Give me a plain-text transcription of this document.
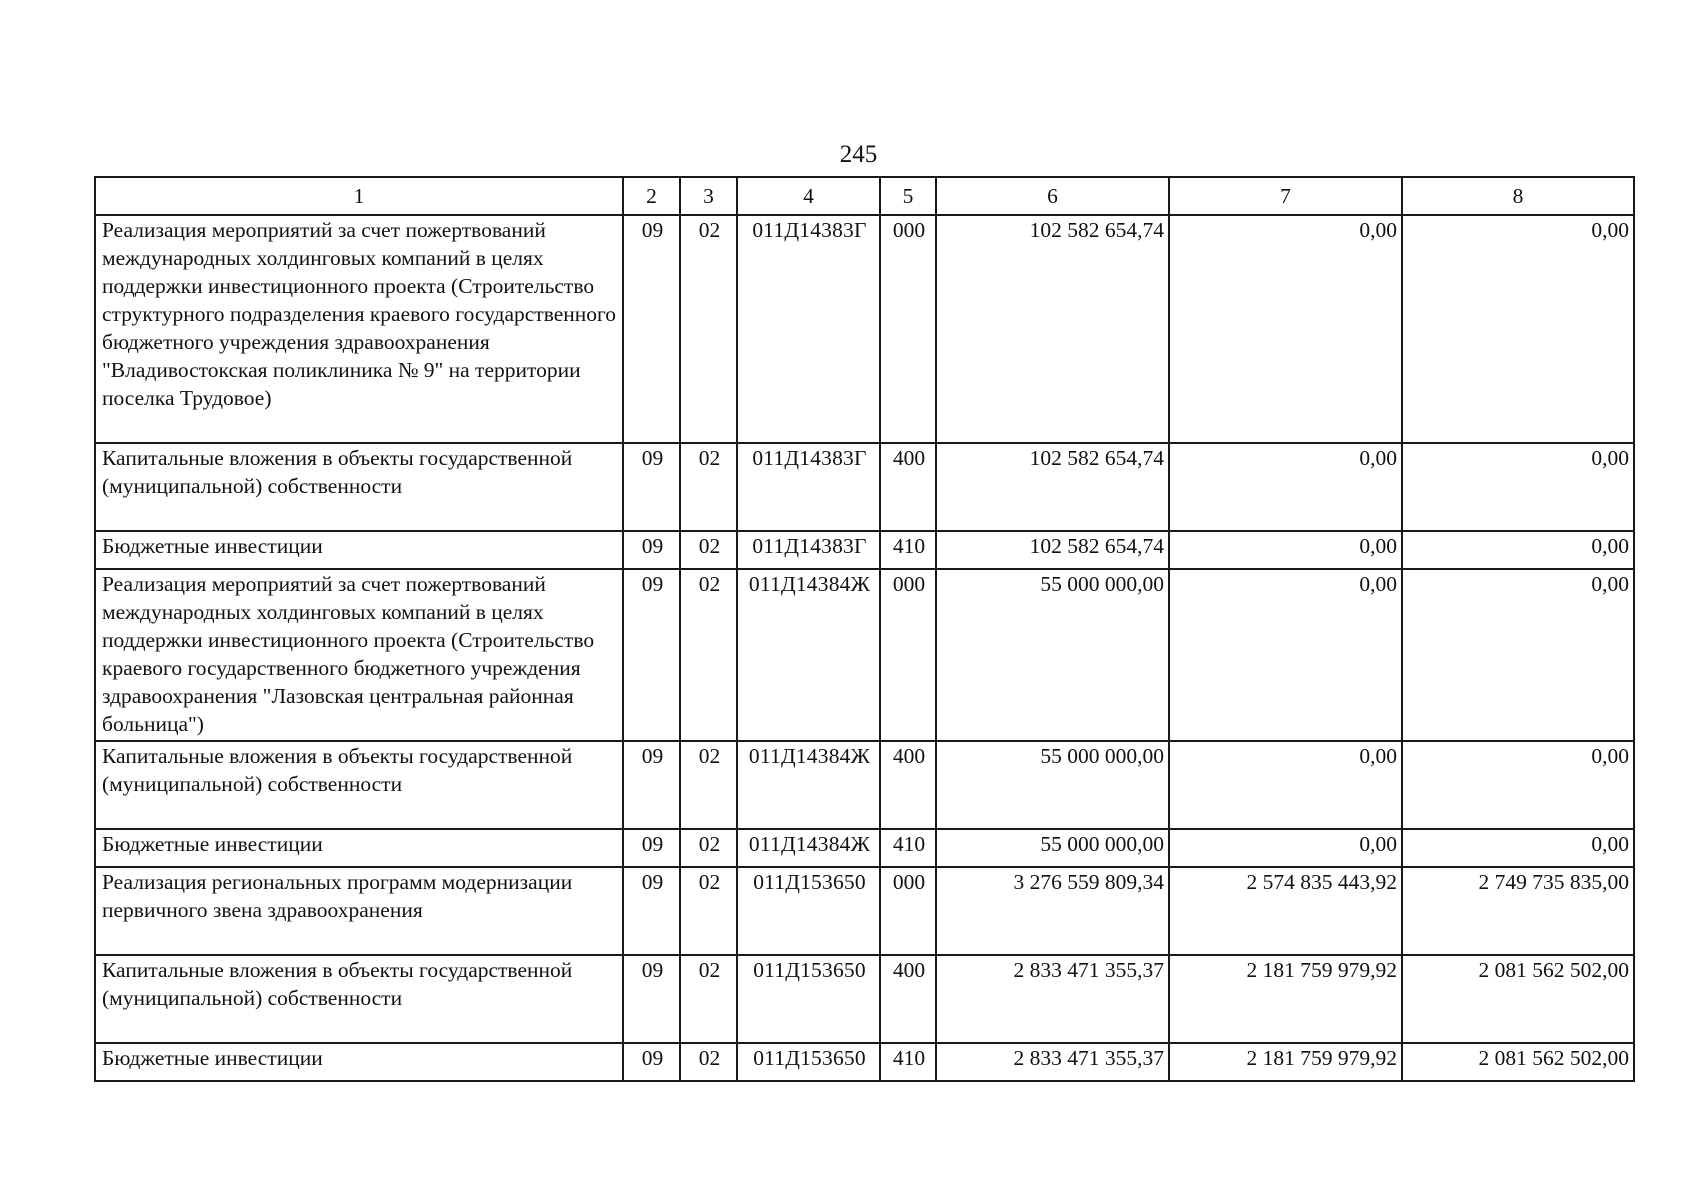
245
1	2	3	4	5	6	7	8
Реализация мероприятий за счет пожертвований международных холдинговых компаний в целях поддержки инвестиционного проекта (Строительство структурного подразделения краевого государственного бюджетного учреждения здравоохранения "Владивостокская поликлиника № 9" на территории поселка Трудовое)	09	02	011Д14383Г	000	102 582 654,74	0,00	0,00
Капитальные вложения в объекты государственной (муниципальной) собственности	09	02	011Д14383Г	400	102 582 654,74	0,00	0,00
Бюджетные инвестиции	09	02	011Д14383Г	410	102 582 654,74	0,00	0,00
Реализация мероприятий за счет пожертвований международных холдинговых компаний в целях поддержки инвестиционного проекта (Строительство краевого государственного бюджетного учреждения здравоохранения "Лазовская центральная районная больница")	09	02	011Д14384Ж	000	55 000 000,00	0,00	0,00
Капитальные вложения в объекты государственной (муниципальной) собственности	09	02	011Д14384Ж	400	55 000 000,00	0,00	0,00
Бюджетные инвестиции	09	02	011Д14384Ж	410	55 000 000,00	0,00	0,00
Реализация региональных программ модернизации первичного звена здравоохранения	09	02	011Д153650	000	3 276 559 809,34	2 574 835 443,92	2 749 735 835,00
Капитальные вложения в объекты государственной (муниципальной) собственности	09	02	011Д153650	400	2 833 471 355,37	2 181 759 979,92	2 081 562 502,00
Бюджетные инвестиции	09	02	011Д153650	410	2 833 471 355,37	2 181 759 979,92	2 081 562 502,00
